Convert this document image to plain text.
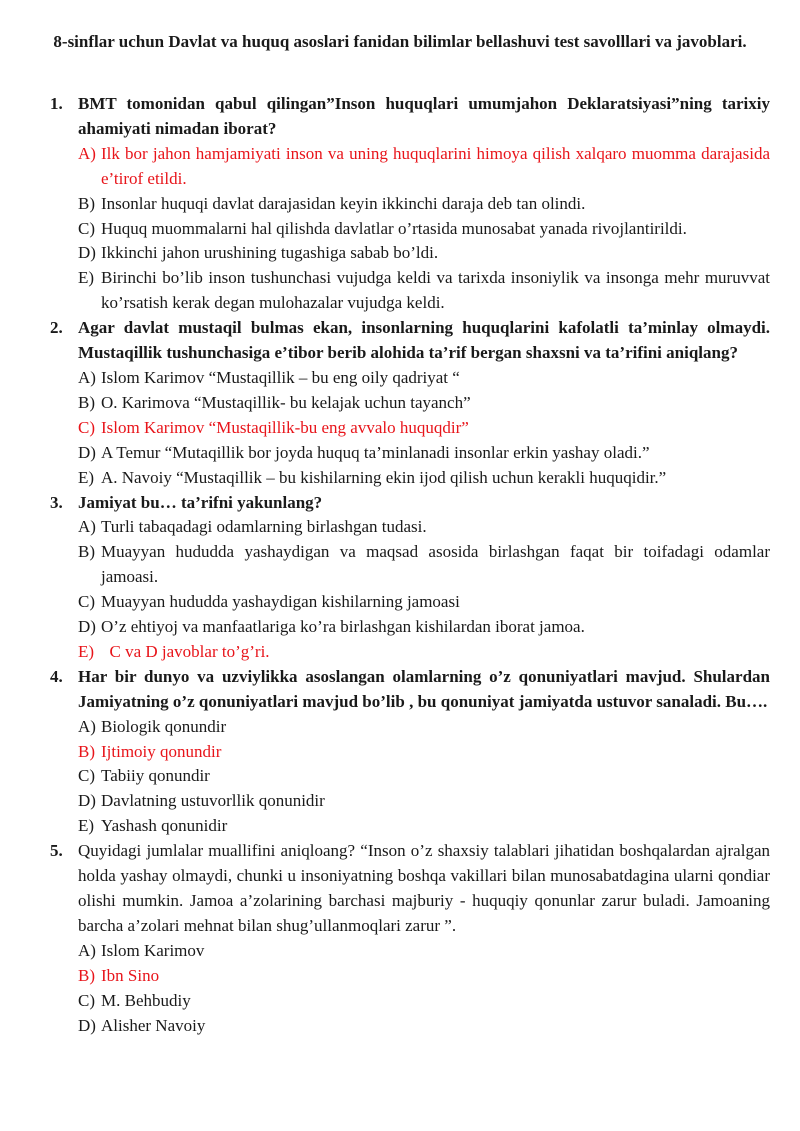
8-sinflar uchun Davlat va huquq asoslari fanidan bilimlar bellashuvi test savolllari va javoblari.
1. BMT tomonidan qabul qilingan”Inson huquqlari umumjahon Deklaratsiyasi”ning tarixiy ahamiyati nimadan iborat?
A) Ilk bor jahon hamjamiyati inson va uning huquqlarini himoya qilish xalqaro muomma darajasida e’tirof etildi.
B) Insonlar huquqi davlat darajasidan keyin ikkinchi daraja deb tan olindi.
C) Huquq muommalarni hal qilishda davlatlar o’rtasida munosabat yanada rivojlantirildi.
D) Ikkinchi jahon urushining tugashiga sabab bo’ldi.
E) Birinchi bo’lib inson tushunchasi vujudga keldi va tarixda insoniylik va insonga mehr muruvvat ko’rsatish kerak degan mulohazalar vujudga keldi.
2. Agar davlat mustaqil bulmas ekan, insonlarning huquqlarini kafolatli ta’minlay olmaydi. Mustaqillik tushunchasiga e’tibor berib alohida ta’rif bergan shaxsni va ta’rifini aniqlang?
A) Islom Karimov “Mustaqillik – bu eng oily qadriyat “
B) O. Karimova “Mustaqillik- bu kelajak uchun tayanch”
C) Islom Karimov “Mustaqillik-bu eng avvalo huquqdir”
D) A Temur “Mutaqillik bor joyda huquq ta’minlanadi insonlar erkin yashay oladi.”
E) A. Navoiy “Mustaqillik – bu kishilarning ekin ijod qilish uchun kerakli huquqidir.”
3. Jamiyat bu… ta’rifni yakunlang?
A) Turli tabaqadagi odamlarning birlashgan tudasi.
B) Muayyan hududda yashaydigan va maqsad asosida birlashgan faqat bir toifadagi odamlar jamoasi.
C) Muayyan hududda yashaydigan kishilarning jamoasi
D) O’z ehtiyoj va manfaatlariga ko’ra birlashgan kishilardan iborat jamoa.
E) C va D javoblar to’g’ri.
4. Har bir dunyo va uzviylikka asoslangan olamlarning o’z qonuniyatlari mavjud. Shulardan Jamiyatning o’z qonuniyatlari mavjud bo’lib , bu qonuniyat jamiyatda ustuvor sanaladi. Bu….
A) Biologik qonundir
B) Ijtimoiy qonundir
C) Tabiiy qonundir
D) Davlatning ustuvorllik qonunidir
E) Yashash qonunidir
5. Quyidagi jumlalar muallifini aniqloang? “Inson o’z shaxsiy talablari jihatidan boshqalardan ajralgan holda yashay olmaydi, chunki u insoniyatning boshqa vakillari bilan munosabatdagina ularni qondiar olishi mumkin. Jamoa a’zolarining barchasi majburiy - huquqiy qonunlar zarur buladi. Jamoaning barcha a’zolari mehnat bilan shug’ullanmoqlari zarur ”.
A) Islom Karimov
B) Ibn Sino
C) M. Behbudiy
D) Alisher Navoiy
